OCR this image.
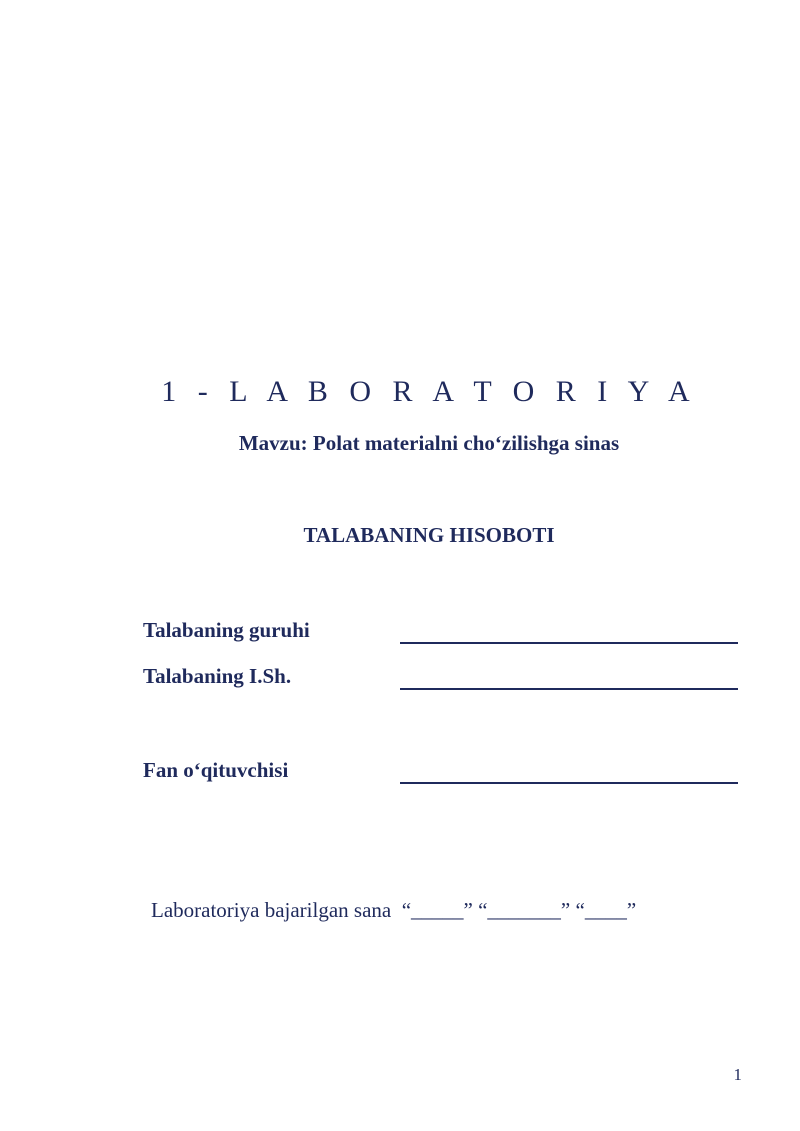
1 - L A B O R A T O R I Y A
Mavzu: Polat materialni cho‘zilishga sinas
TALABANING HISOBOTI
Talabaning guruhi
Talabaning I.Sh.
Fan o‘qituvchisi
Laboratoriya bajarilgan sana  “_____” “_______” “____”
1
